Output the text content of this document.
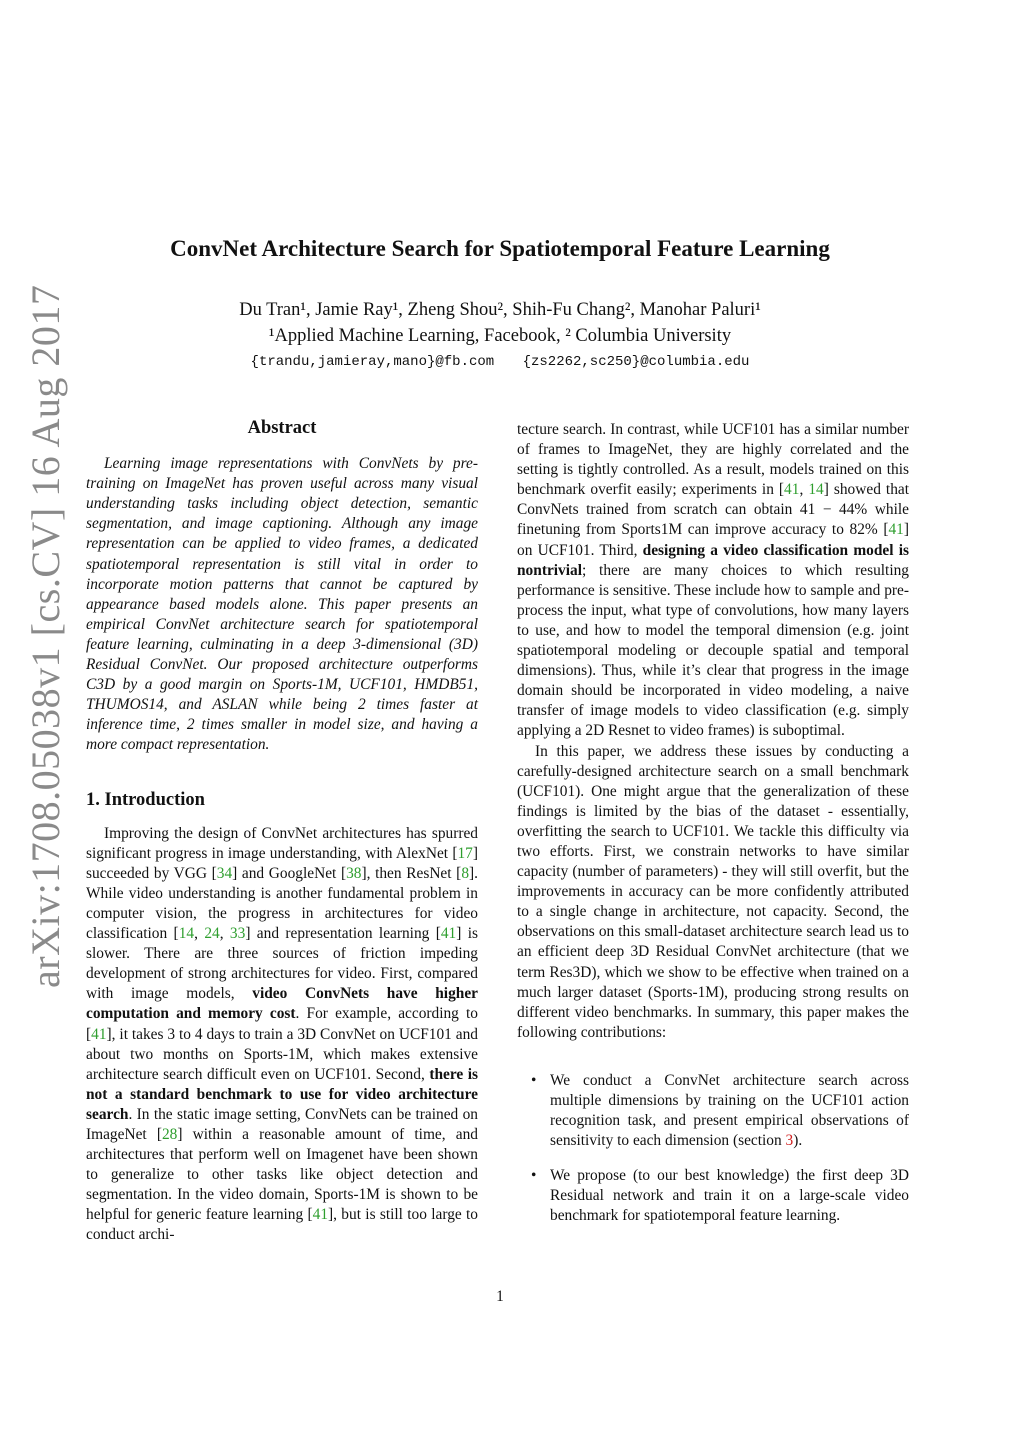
arXiv:1708.05038v1 [cs.CV] 16 Aug 2017
ConvNet Architecture Search for Spatiotemporal Feature Learning
Du Tran¹, Jamie Ray¹, Zheng Shou², Shih-Fu Chang², Manohar Paluri¹
¹Applied Machine Learning, Facebook, ² Columbia University
{trandu,jamieray,mano}@fb.com {zs2262,sc250}@columbia.edu
Abstract

Learning image representations with ConvNets by pre-training on ImageNet has proven useful across many visual understanding tasks including object detection, semantic segmentation, and image captioning. Although any image representation can be applied to video frames, a dedicated spatiotemporal representation is still vital in order to incorporate motion patterns that cannot be captured by appearance based models alone. This paper presents an empirical ConvNet architecture search for spatiotemporal feature learning, culminating in a deep 3-dimensional (3D) Residual ConvNet. Our proposed architecture outperforms C3D by a good margin on Sports-1M, UCF101, HMDB51, THUMOS14, and ASLAN while being 2 times faster at inference time, 2 times smaller in model size, and having a more compact representation.

1. Introduction

Improving the design of ConvNet architectures has spurred significant progress in image understanding, with AlexNet [17] succeeded by VGG [34] and GoogleNet [38], then ResNet [8]. While video understanding is another fundamental problem in computer vision, the progress in architectures for video classification [14, 24, 33] and representation learning [41] is slower. There are three sources of friction impeding development of strong architectures for video. First, compared with image models, video ConvNets have higher computation and memory cost. For example, according to [41], it takes 3 to 4 days to train a 3D ConvNet on UCF101 and about two months on Sports-1M, which makes extensive architecture search difficult even on UCF101. Second, there is not a standard benchmark to use for video architecture search. In the static image setting, ConvNets can be trained on ImageNet [28] within a reasonable amount of time, and architectures that perform well on Imagenet have been shown to generalize to other tasks like object detection and segmentation. In the video domain, Sports-1M is shown to be helpful for generic feature learning [41], but is still too large to conduct archi-

tecture search. In contrast, while UCF101 has a similar number of frames to ImageNet, they are highly correlated and the setting is tightly controlled. As a result, models trained on this benchmark overfit easily; experiments in [41, 14] showed that ConvNets trained from scratch can obtain 41 − 44% while finetuning from Sports1M can improve accuracy to 82% [41] on UCF101. Third, designing a video classification model is nontrivial; there are many choices to which resulting performance is sensitive. These include how to sample and pre-process the input, what type of convolutions, how many layers to use, and how to model the temporal dimension (e.g. joint spatiotemporal modeling or decouple spatial and temporal dimensions). Thus, while it’s clear that progress in the image domain should be incorporated in video modeling, a naive transfer of image models to video classification (e.g. simply applying a 2D Resnet to video frames) is suboptimal.

In this paper, we address these issues by conducting a carefully-designed architecture search on a small benchmark (UCF101). One might argue that the generalization of these findings is limited by the bias of the dataset - essentially, overfitting the search to UCF101. We tackle this difficulty via two efforts. First, we constrain networks to have similar capacity (number of parameters) - they will still overfit, but the improvements in accuracy can be more confidently attributed to a single change in architecture, not capacity. Second, the observations on this small-dataset architecture search lead us to an efficient deep 3D Residual ConvNet architecture (that we term Res3D), which we show to be effective when trained on a much larger dataset (Sports-1M), producing strong results on different video benchmarks. In summary, this paper makes the following contributions:

• We conduct a ConvNet architecture search across multiple dimensions by training on the UCF101 action recognition task, and present empirical observations of sensitivity to each dimension (section 3).
• We propose (to our best knowledge) the first deep 3D Residual network and train it on a large-scale video benchmark for spatiotemporal feature learning.
1
